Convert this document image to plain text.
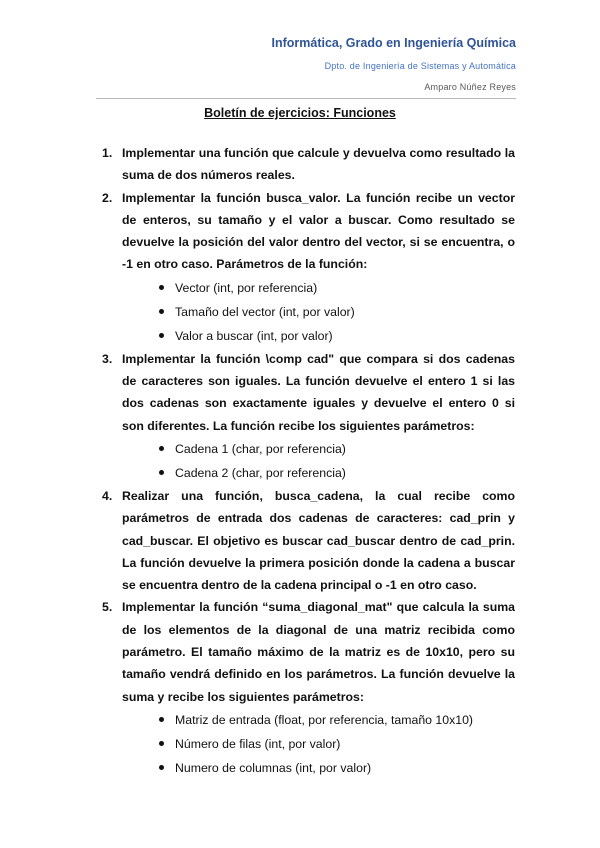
Informática, Grado en Ingeniería Química
Dpto. de Ingeniería de Sistemas y Automática
Amparo Núñez Reyes
Boletín de ejercicios: Funciones
1. Implementar una función que calcule y devuelva como resultado la suma de dos números reales.
2. Implementar la función busca_valor. La función recibe un vector de enteros, su tamaño y el valor a buscar. Como resultado se devuelve la posición del valor dentro del vector, si se encuentra, o -1 en otro caso. Parámetros de la función:
Vector (int, por referencia)
Tamaño del vector (int, por valor)
Valor a buscar (int, por valor)
3. Implementar la función \comp cad" que compara si dos cadenas de caracteres son iguales. La función devuelve el entero 1 si las dos cadenas son exactamente iguales y devuelve el entero 0 si son diferentes. La función recibe los siguientes parámetros:
Cadena 1 (char, por referencia)
Cadena 2 (char, por referencia)
4. Realizar una función, busca_cadena, la cual recibe como parámetros de entrada dos cadenas de caracteres: cad_prin y cad_buscar. El objetivo es buscar cad_buscar dentro de cad_prin. La función devuelve la primera posición donde la cadena a buscar se encuentra dentro de la cadena principal o -1 en otro caso.
5. Implementar la función “suma_diagonal_mat" que calcula la suma de los elementos de la diagonal de una matriz recibida como parámetro. El tamaño máximo de la matriz es de 10x10, pero su tamaño vendrá definido en los parámetros. La función devuelve la suma y recibe los siguientes parámetros:
Matriz de entrada (float, por referencia, tamaño 10x10)
Número de filas (int, por valor)
Numero de columnas (int, por valor)
